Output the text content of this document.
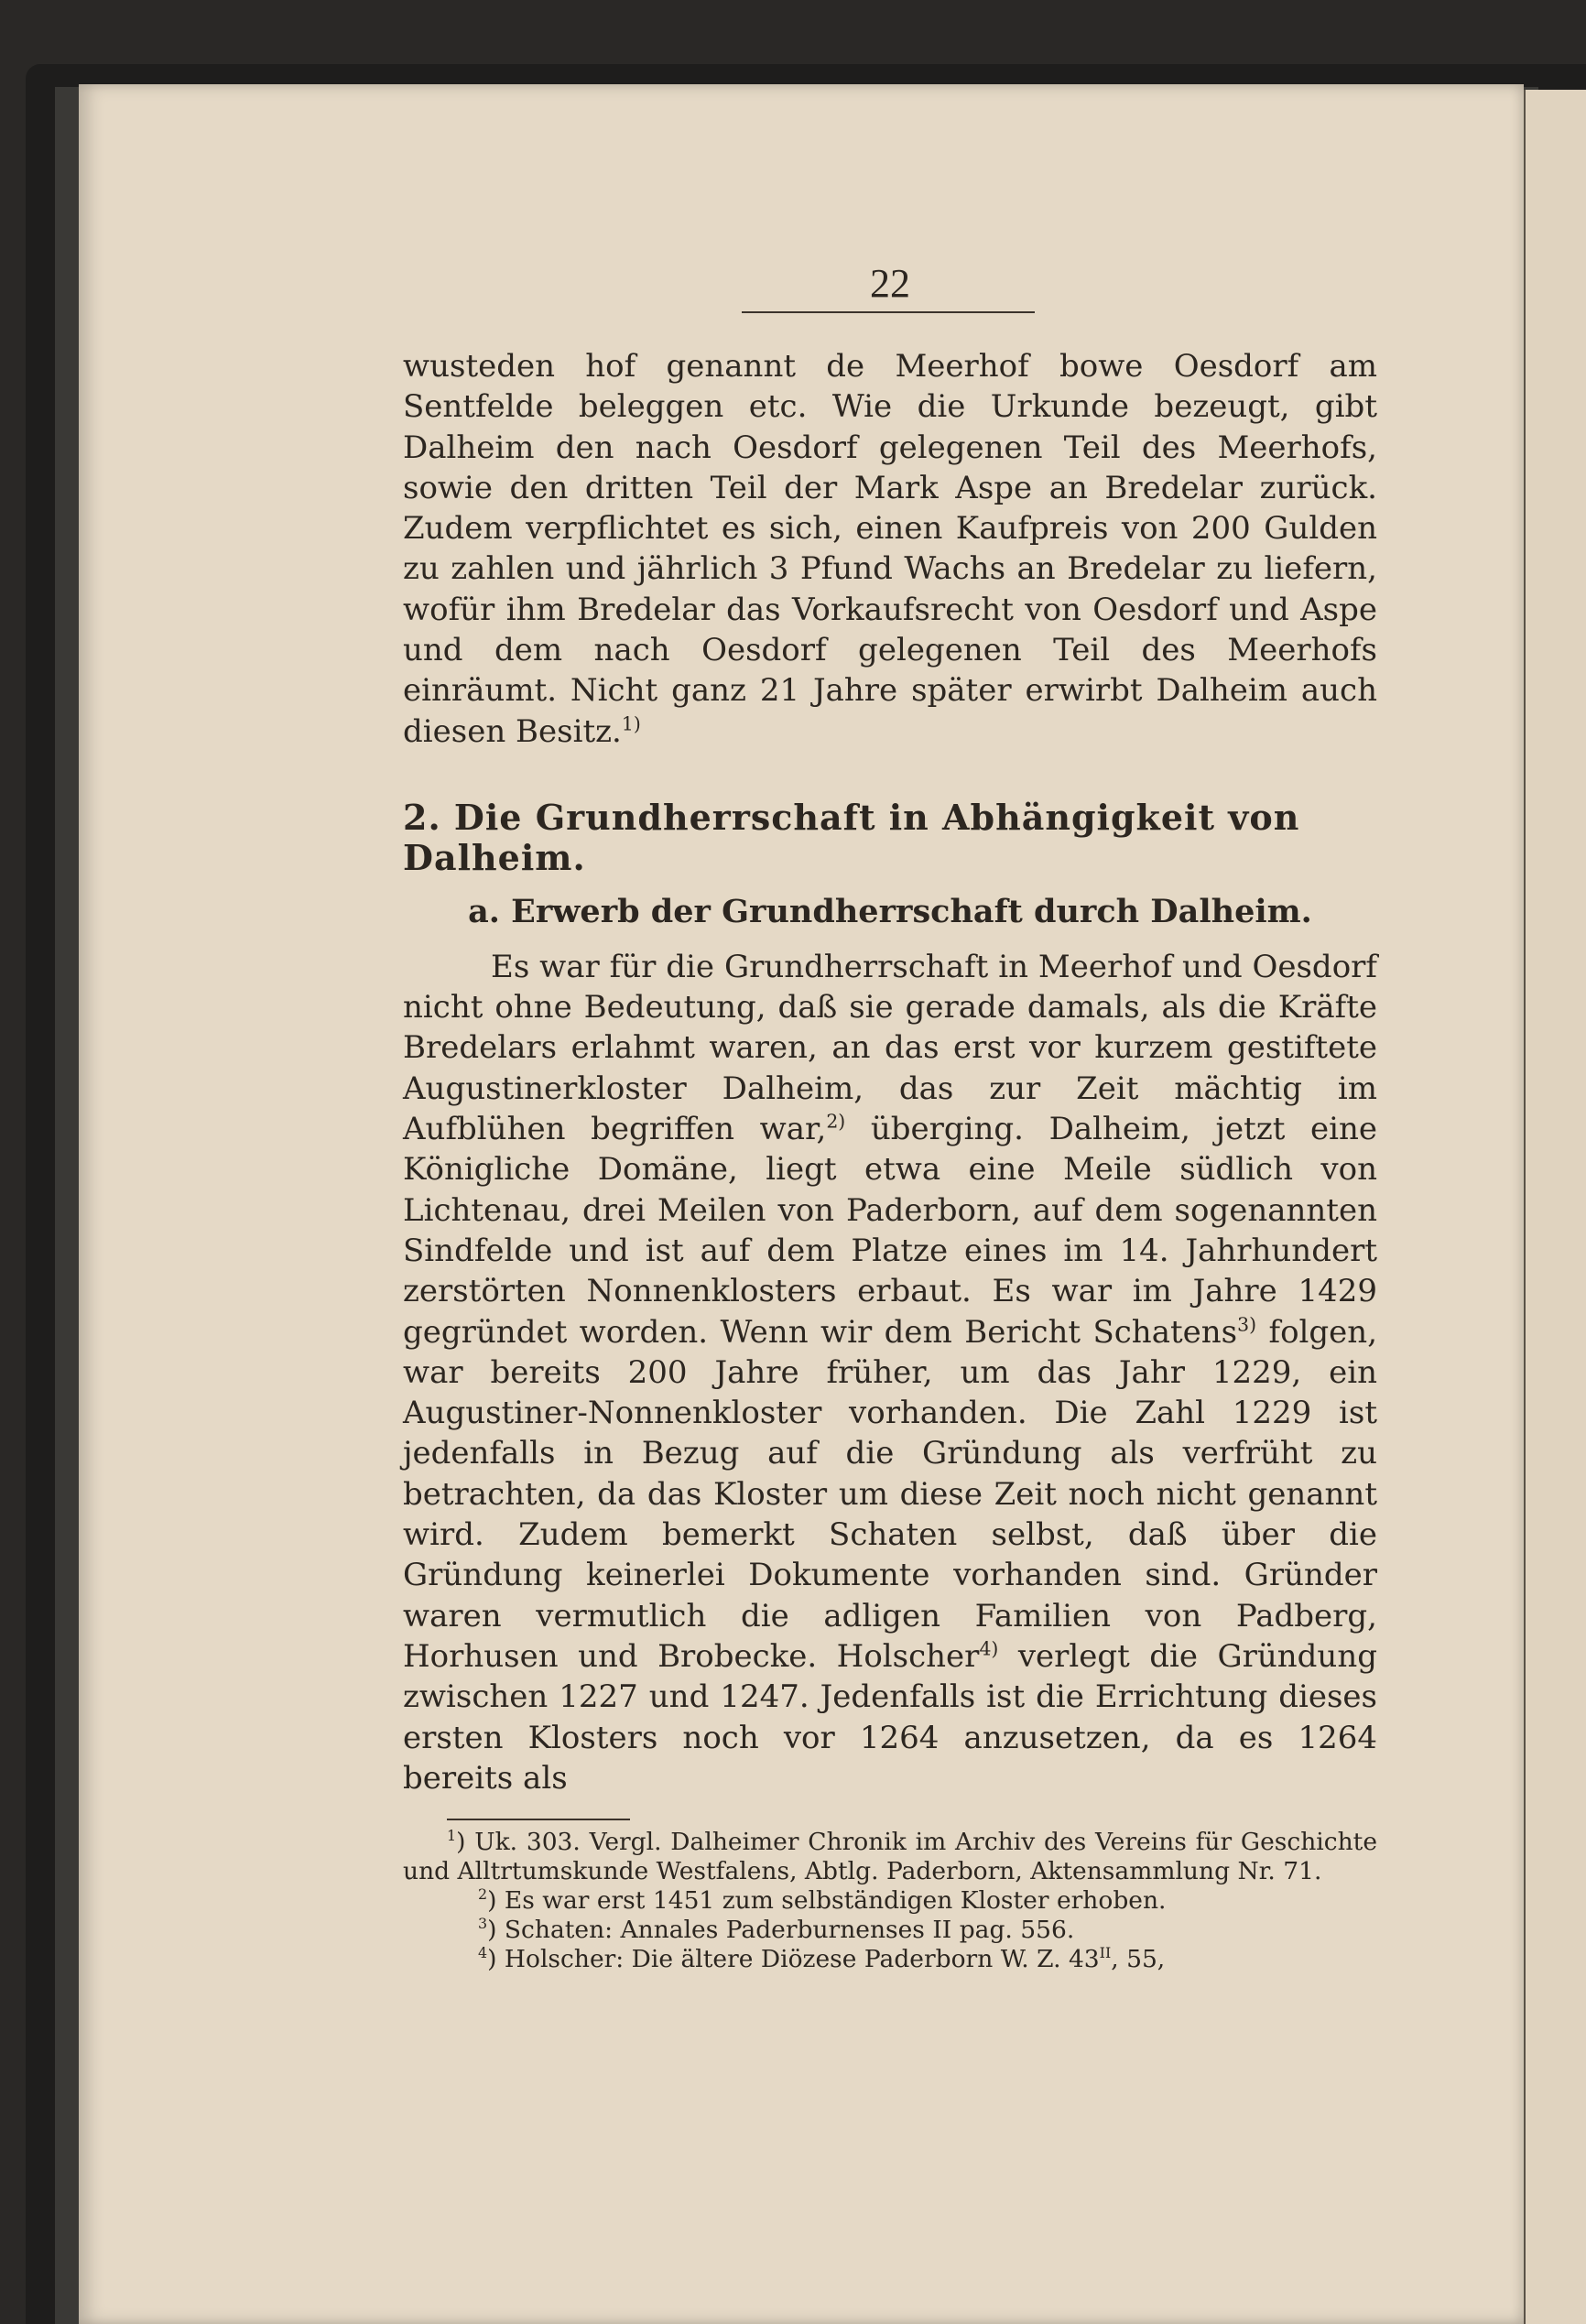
22

wusteden hof genannt de Meerhof bowe Oesdorf am Sentfelde beleggen etc. Wie die Urkunde bezeugt, gibt Dalheim den nach Oesdorf gelegenen Teil des Meerhofs, sowie den dritten Teil der Mark Aspe an Bredelar zurück. Zudem verpflichtet es sich, einen Kaufpreis von 200 Gulden zu zahlen und jährlich 3 Pfund Wachs an Bredelar zu liefern, wofür ihm Bredelar das Vorkaufsrecht von Oesdorf und Aspe und dem nach Oesdorf gelegenen Teil des Meerhofs einräumt. Nicht ganz 21 Jahre später erwirbt Dalheim auch diesen Besitz.$^{1)}$

2. Die Grundherrschaft in Abhängigkeit von Dalheim.

a. Erwerb der Grundherrschaft durch Dalheim.

Es war für die Grundherrschaft in Meerhof und Oesdorf nicht ohne Bedeutung, daß sie gerade damals, als die Kräfte Bredelars erlahmt waren, an das erst vor kurzem gestiftete Augustinerkloster Dalheim, das zur Zeit mächtig im Aufblühen begriffen war,$^{2)}$ überging. Dalheim, jetzt eine Königliche Domäne, liegt etwa eine Meile südlich von Lichtenau, drei Meilen von Paderborn, auf dem sogenannten Sindfelde und ist auf dem Platze eines im 14. Jahrhundert zerstörten Nonnenklosters erbaut. Es war im Jahre 1429 gegründet worden. Wenn wir dem Bericht Schatens$^{3)}$ folgen, war bereits 200 Jahre früher, um das Jahr 1229, ein Augustiner-Nonnenkloster vorhanden. Die Zahl 1229 ist jedenfalls in Bezug auf die Gründung als verfrüht zu betrachten, da das Kloster um diese Zeit noch nicht genannt wird. Zudem bemerkt Schaten selbst, daß über die Gründung keinerlei Dokumente vorhanden sind. Gründer waren vermutlich die adligen Familien von Padberg, Horhusen und Brobecke. Holscher$^{4)}$ verlegt die Gründung zwischen 1227 und 1247. Jedenfalls ist die Errichtung dieses ersten Klosters noch vor 1264 anzusetzen, da es 1264 bereits als

$^1$) Uk. 303. Vergl. Dalheimer Chronik im Archiv des Vereins für Geschichte und Alltrtumskunde Westfalens, Abtlg. Paderborn, Aktensammlung Nr. 71.

$^2$) Es war erst 1451 zum selbständigen Kloster erhoben.

$^3$) Schaten: Annales Paderburnenses II pag. 556.

$^4$) Holscher: Die ältere Diözese Paderborn W. Z. $43^{II}$, 55,
